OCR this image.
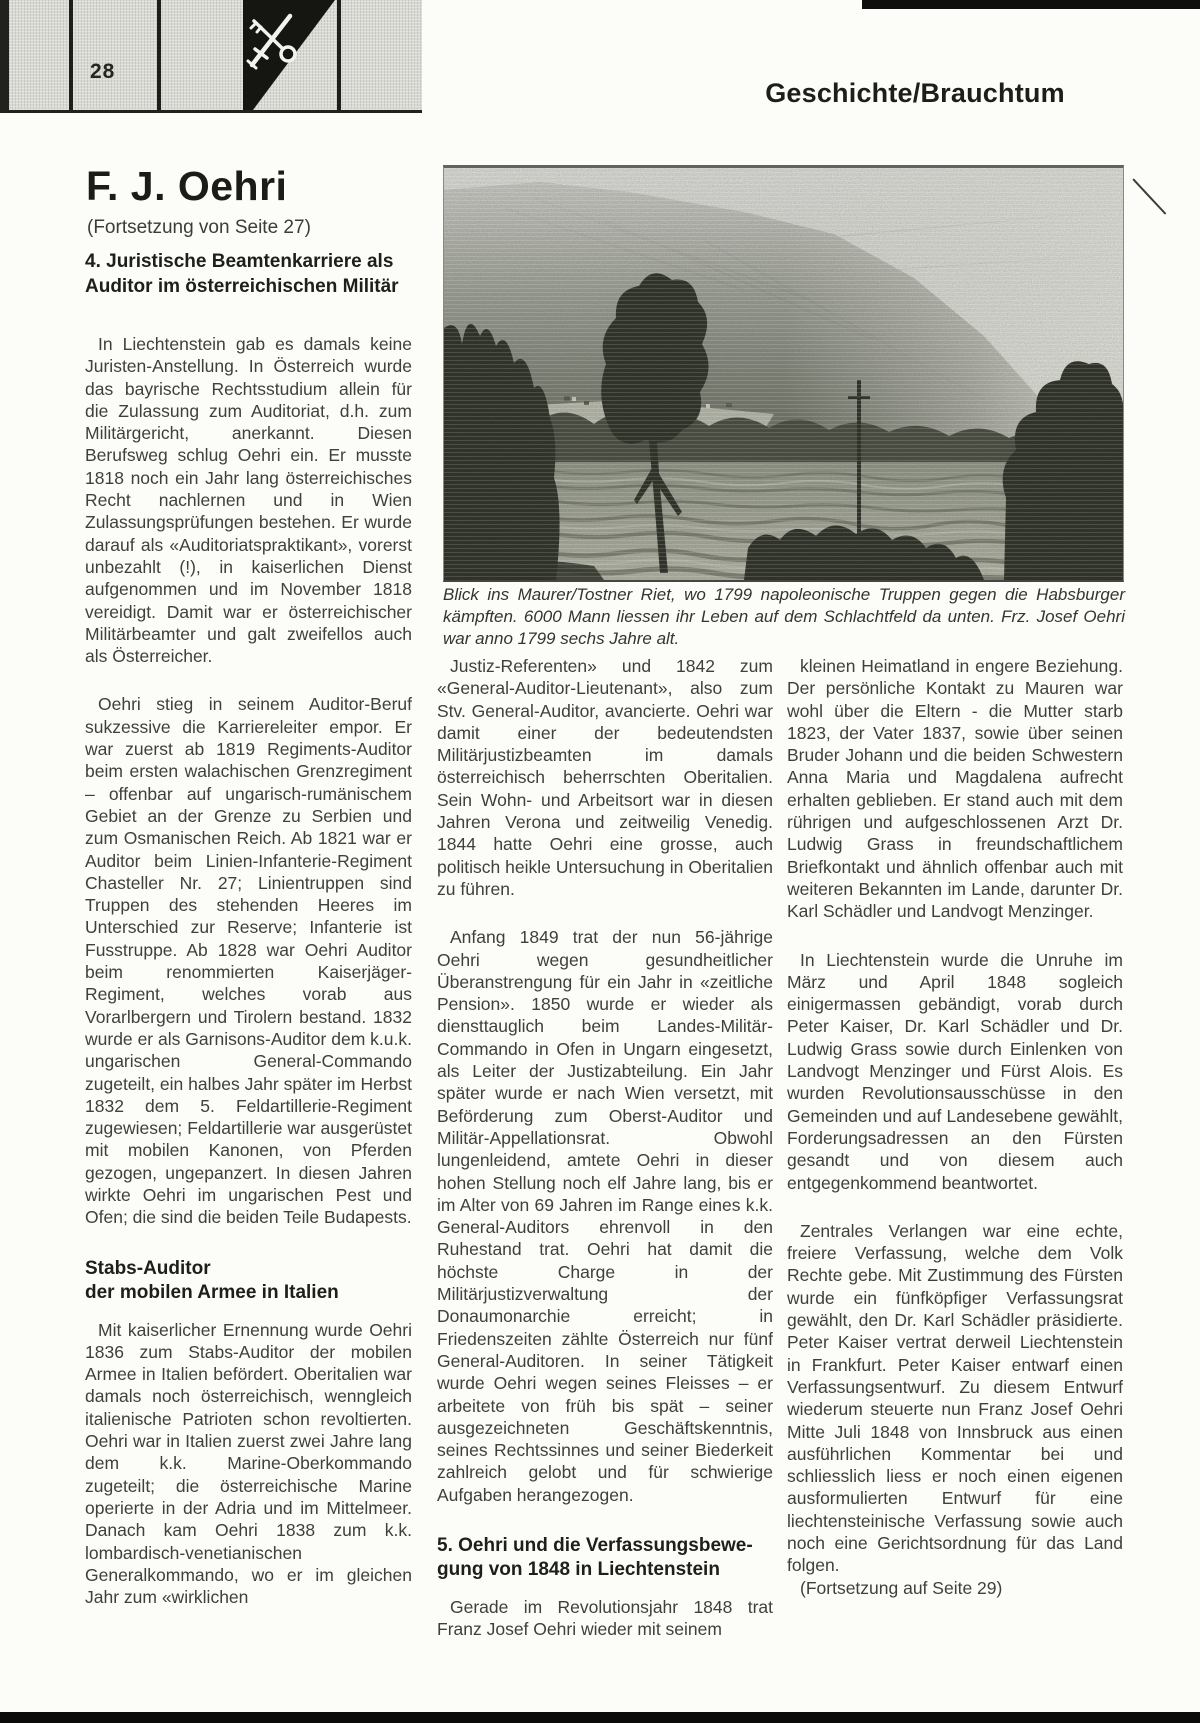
28
Geschichte/Brauchtum
F. J. Oehri
(Fortsetzung von Seite 27)
Blick ins Maurer/Tostner Riet, wo 1799 napoleonische Truppen gegen die Habsburger kämpften. 6000 Mann liessen ihr Leben auf dem Schlachtfeld da unten. Frz. Josef Oehri war anno 1799 sechs Jahre alt.
4. Juristische Beamtenkarriere als
Auditor im österreichischen Militär

In Liechtenstein gab es damals keine Juristen-Anstellung. In Österreich wurde das bayrische Rechtsstudium allein für die Zulassung zum Auditoriat, d.h. zum Militärgericht, anerkannt. Diesen Berufsweg schlug Oehri ein. Er musste 1818 noch ein Jahr lang österreichisches Recht nachlernen und in Wien Zulassungsprüfungen bestehen. Er wurde darauf als «Auditoriatspraktikant», vorerst unbezahlt (!), in kaiserlichen Dienst aufgenommen und im November 1818 vereidigt. Damit war er österreichischer Militärbeamter und galt zweifellos auch als Österreicher.

Oehri stieg in seinem Auditor-Beruf sukzessive die Karriereleiter empor. Er war zuerst ab 1819 Regiments-Auditor beim ersten walachischen Grenzregiment – offenbar auf ungarisch-rumänischem Gebiet an der Grenze zu Serbien und zum Osmanischen Reich. Ab 1821 war er Auditor beim Linien-Infanterie-Regiment Chasteller Nr. 27; Linientruppen sind Truppen des stehenden Heeres im Unterschied zur Reserve; Infanterie ist Fusstruppe. Ab 1828 war Oehri Auditor beim renommierten Kaiserjäger-Regiment, welches vorab aus Vorarlbergern und Tirolern bestand. 1832 wurde er als Garnisons-Auditor dem k.u.k. ungarischen General-Commando zugeteilt, ein halbes Jahr später im Herbst 1832 dem 5. Feldartillerie-Regiment zugewiesen; Feldartillerie war ausgerüstet mit mobilen Kanonen, von Pferden gezogen, ungepanzert. In diesen Jahren wirkte Oehri im ungarischen Pest und Ofen; die sind die beiden Teile Budapests.

Stabs-Auditor
der mobilen Armee in Italien

Mit kaiserlicher Ernennung wurde Oehri 1836 zum Stabs-Auditor der mobilen Armee in Italien befördert. Oberitalien war damals noch österreichisch, wenngleich italienische Patrioten schon revoltierten. Oehri war in Italien zuerst zwei Jahre lang dem k.k. Marine-Oberkommando zugeteilt; die österreichische Marine operierte in der Adria und im Mittelmeer. Danach kam Oehri 1838 zum k.k. lombardisch-venetianischen Generalkommando, wo er im gleichen Jahr zum «wirklichen

Justiz-Referenten» und 1842 zum «General-Auditor-Lieutenant», also zum Stv. General-Auditor, avancierte. Oehri war damit einer der bedeutendsten Militärjustizbeamten im damals österreichisch beherrschten Oberitalien. Sein Wohn- und Arbeitsort war in diesen Jahren Verona und zeitweilig Venedig. 1844 hatte Oehri eine grosse, auch politisch heikle Untersuchung in Oberitalien zu führen.

Anfang 1849 trat der nun 56-jährige Oehri wegen gesundheitlicher Überanstrengung für ein Jahr in «zeitliche Pension». 1850 wurde er wieder als diensttauglich beim Landes-Militär-Commando in Ofen in Ungarn eingesetzt, als Leiter der Justizabteilung. Ein Jahr später wurde er nach Wien versetzt, mit Beförderung zum Oberst-Auditor und Militär-Appellationsrat. Obwohl lungenleidend, amtete Oehri in dieser hohen Stellung noch elf Jahre lang, bis er im Alter von 69 Jahren im Range eines k.k. General-Auditors ehrenvoll in den Ruhestand trat. Oehri hat damit die höchste Charge in der Militärjustizverwaltung der Donaumonarchie erreicht; in Friedenszeiten zählte Österreich nur fünf General-Auditoren. In seiner Tätigkeit wurde Oehri wegen seines Fleisses – er arbeitete von früh bis spät – seiner ausgezeichneten Geschäftskenntnis, seines Rechtssinnes und seiner Biederkeit zahlreich gelobt und für schwierige Aufgaben herangezogen.

5. Oehri und die Verfassungsbewe-
gung von 1848 in Liechtenstein

Gerade im Revolutionsjahr 1848 trat Franz Josef Oehri wieder mit seinem

kleinen Heimatland in engere Beziehung. Der persönliche Kontakt zu Mauren war wohl über die Eltern - die Mutter starb 1823, der Vater 1837, sowie über seinen Bruder Johann und die beiden Schwestern Anna Maria und Magdalena aufrecht erhalten geblieben. Er stand auch mit dem rührigen und aufgeschlossenen Arzt Dr. Ludwig Grass in freundschaftlichem Briefkontakt und ähnlich offenbar auch mit weiteren Bekannten im Lande, darunter Dr. Karl Schädler und Landvogt Menzinger.

In Liechtenstein wurde die Unruhe im März und April 1848 sogleich einigermassen gebändigt, vorab durch Peter Kaiser, Dr. Karl Schädler und Dr. Ludwig Grass sowie durch Einlenken von Landvogt Menzinger und Fürst Alois. Es wurden Revolutionsausschüsse in den Gemeinden und auf Landesebene gewählt, Forderungsadressen an den Fürsten gesandt und von diesem auch entgegenkommend beantwortet.

Zentrales Verlangen war eine echte, freiere Verfassung, welche dem Volk Rechte gebe. Mit Zustimmung des Fürsten wurde ein fünfköpfiger Verfassungsrat gewählt, den Dr. Karl Schädler präsidierte. Peter Kaiser vertrat derweil Liechtenstein in Frankfurt. Peter Kaiser entwarf einen Verfassungsentwurf. Zu diesem Entwurf wiederum steuerte nun Franz Josef Oehri Mitte Juli 1848 von Innsbruck aus einen ausführlichen Kommentar bei und schliesslich liess er noch einen eigenen ausformulierten Entwurf für eine liechtensteinische Verfassung sowie auch noch eine Gerichtsordnung für das Land folgen.

(Fortsetzung auf Seite 29)
